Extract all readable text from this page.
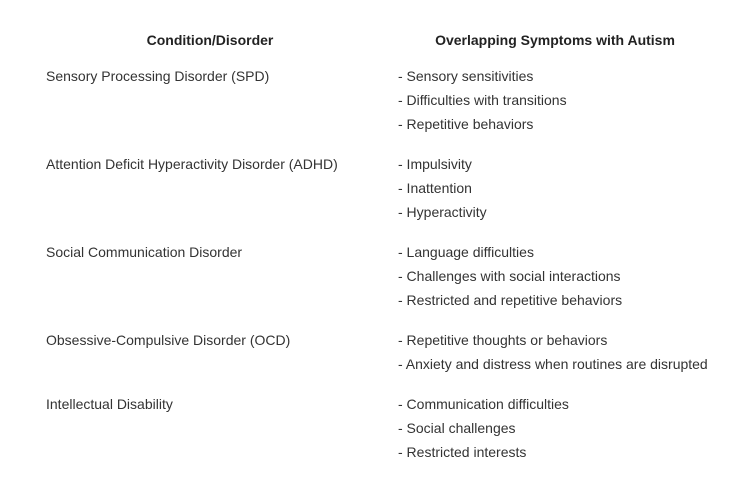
Condition/Disorder	Overlapping Symptoms with Autism

Sensory Processing Disorder (SPD)	- Sensory sensitivities
- Difficulties with transitions
- Repetitive behaviors

Attention Deficit Hyperactivity Disorder (ADHD)	- Impulsivity
- Inattention
- Hyperactivity

Social Communication Disorder	- Language difficulties
- Challenges with social interactions
- Restricted and repetitive behaviors

Obsessive-Compulsive Disorder (OCD)	- Repetitive thoughts or behaviors
- Anxiety and distress when routines are disrupted

Intellectual Disability	- Communication difficulties
- Social challenges
- Restricted interests
